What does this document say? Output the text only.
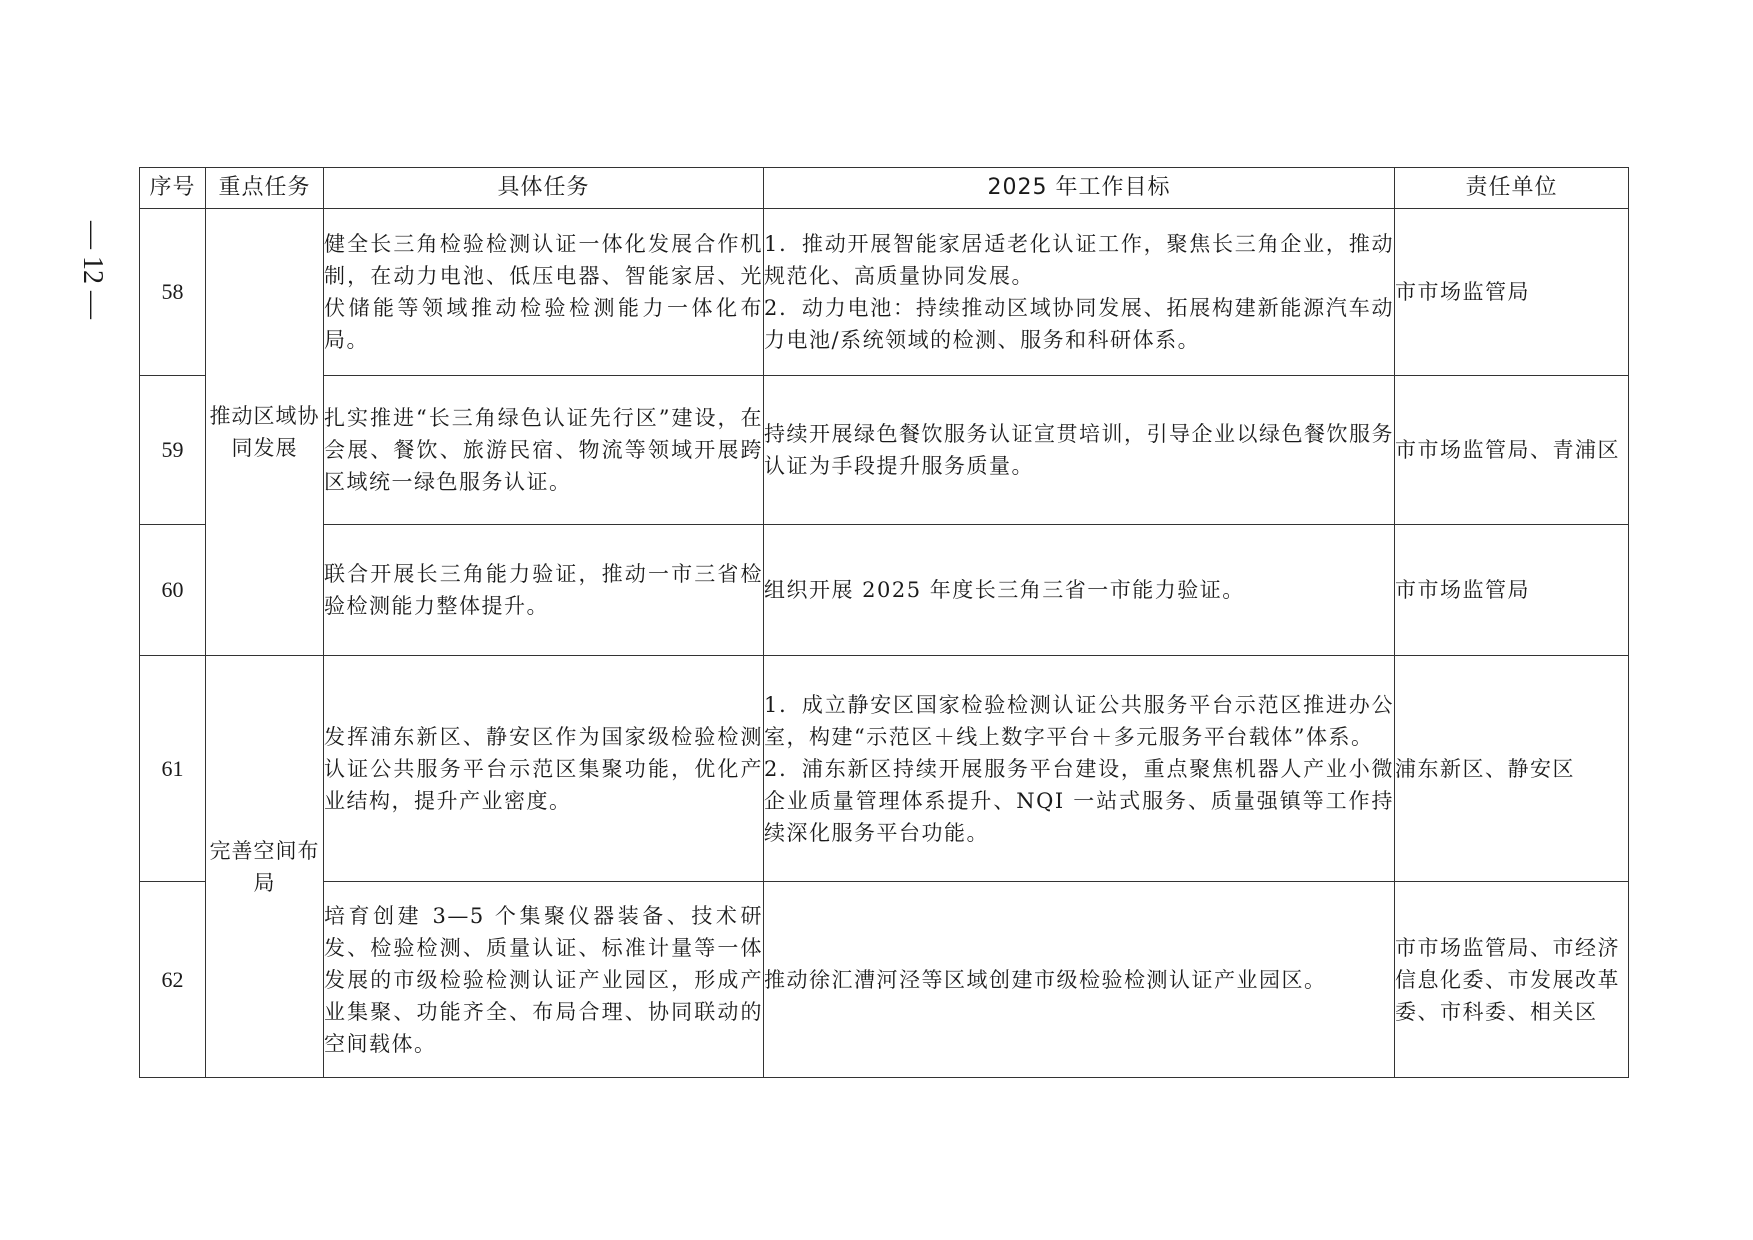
— 12 —
序号	重点任务	具体任务	2025 年工作目标	责任单位
58	推动区域协同发展	健全长三角检验检测认证一体化发展合作机制，在动力电池、低压电器、智能家居、光伏储能等领域推动检验检测能力一体化布局。	1．推动开展智能家居适老化认证工作，聚焦长三角企业，推动规范化、高质量协同发展。
2．动力电池：持续推动区域协同发展、拓展构建新能源汽车动力电池/系统领域的检测、服务和科研体系。	市市场监管局
59		扎实推进“长三角绿色认证先行区”建设，在会展、餐饮、旅游民宿、物流等领域开展跨区域统一绿色服务认证。	持续开展绿色餐饮服务认证宣贯培训，引导企业以绿色餐饮服务认证为手段提升服务质量。	市市场监管局、青浦区
60		联合开展长三角能力验证，推动一市三省检验检测能力整体提升。	组织开展 2025 年度长三角三省一市能力验证。	市市场监管局
61	完善空间布局	发挥浦东新区、静安区作为国家级检验检测认证公共服务平台示范区集聚功能，优化产业结构，提升产业密度。	1．成立静安区国家检验检测认证公共服务平台示范区推进办公室，构建“示范区＋线上数字平台＋多元服务平台载体”体系。
2．浦东新区持续开展服务平台建设，重点聚焦机器人产业小微企业质量管理体系提升、NQI 一站式服务、质量强镇等工作持续深化服务平台功能。	浦东新区、静安区
62		培育创建 3—5 个集聚仪器装备、技术研发、检验检测、质量认证、标准计量等一体发展的市级检验检测认证产业园区，形成产业集聚、功能齐全、布局合理、协同联动的空间载体。	推动徐汇漕河泾等区域创建市级检验检测认证产业园区。	市市场监管局、市经济信息化委、市发展改革委、市科委、相关区
